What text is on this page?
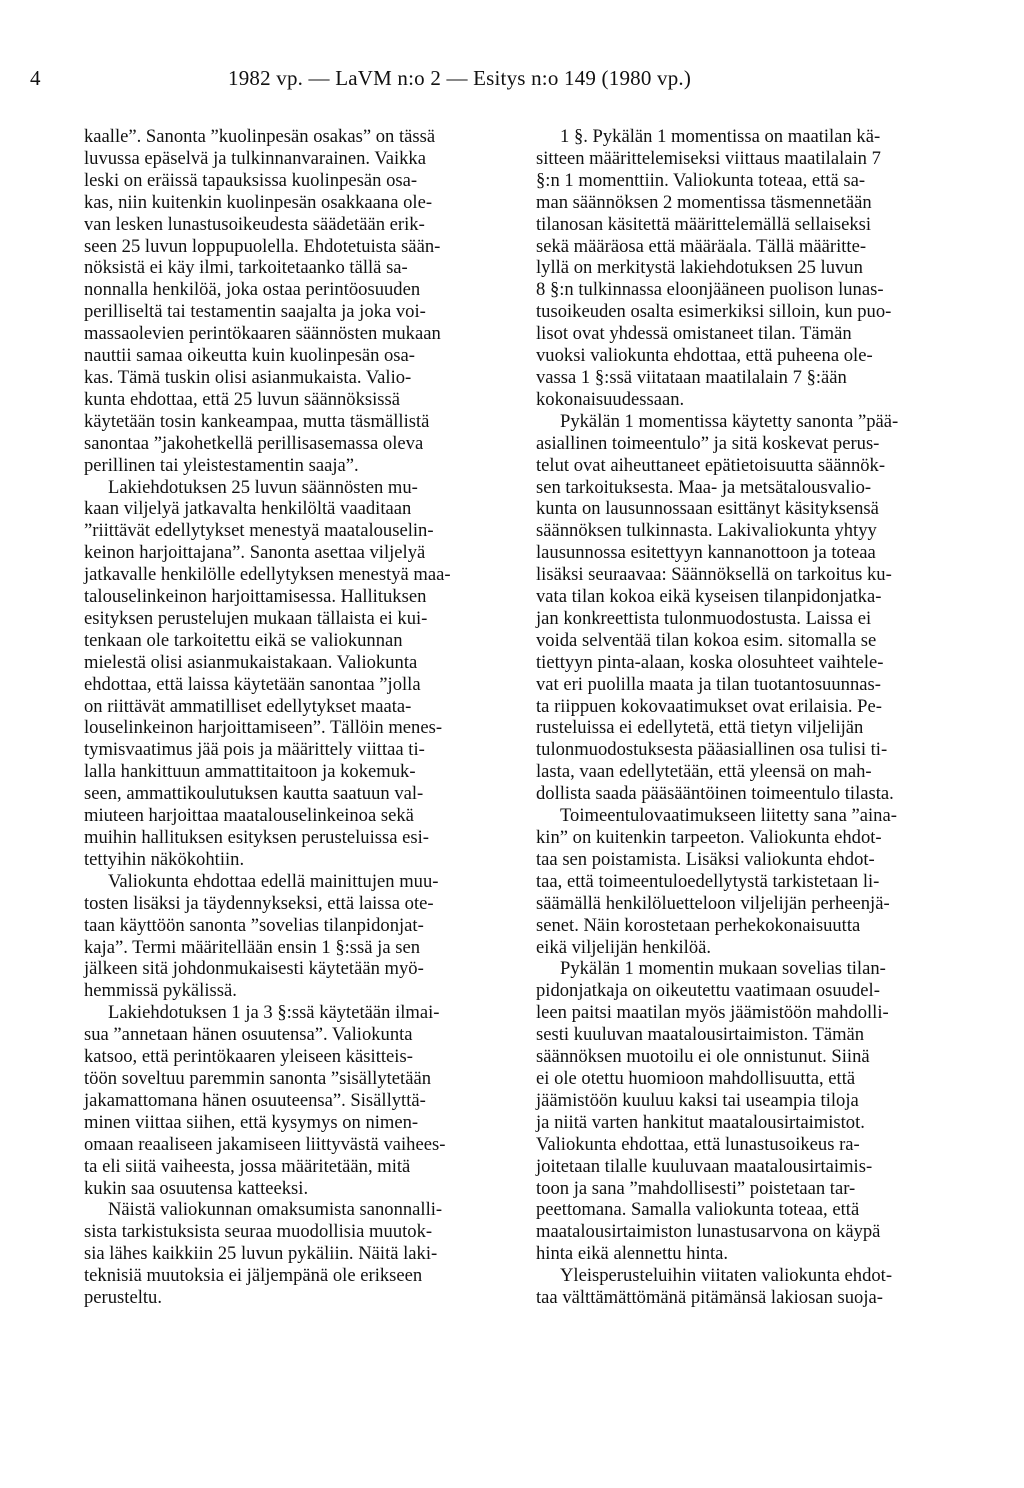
4	1982 vp. — LaVM n:o 2 — Esitys n:o 149 (1980 vp.)

kaalle”. Sanonta ”kuolinpesän osakas” on tässä
luvussa epäselvä ja tulkinnanvarainen. Vaikka
leski on eräissä tapauksissa kuolinpesän osa-
kas, niin kuitenkin kuolinpesän osakkaana ole-
van lesken lunastusoikeudesta säädetään erik-
seen 25 luvun loppupuolella. Ehdotetuista sään-
nöksistä ei käy ilmi, tarkoitetaanko tällä sa-
nonnalla henkilöä, joka ostaa perintöosuuden
perilliseltä tai testamentin saajalta ja joka voi-
massaolevien perintökaaren säännösten mukaan
nauttii samaa oikeutta kuin kuolinpesän osa-
kas. Tämä tuskin olisi asianmukaista. Valio-
kunta ehdottaa, että 25 luvun säännöksissä
käytetään tosin kankeampaa, mutta täsmällistä
sanontaa ”jakohetkellä perillisasemassa oleva
perillinen tai yleistestamentin saaja”.

Lakiehdotuksen 25 luvun säännösten mu-
kaan viljelyä jatkavalta henkilöltä vaaditaan
”riittävät edellytykset menestyä maatalouselin-
keinon harjoittajana”. Sanonta asettaa viljelyä
jatkavalle henkilölle edellytyksen menestyä maa-
talouselinkeinon harjoittamisessa. Hallituksen
esityksen perustelujen mukaan tällaista ei kui-
tenkaan ole tarkoitettu eikä se valiokunnan
mielestä olisi asianmukaistakaan. Valiokunta
ehdottaa, että laissa käytetään sanontaa ”jolla
on riittävät ammatilliset edellytykset maata-
louselinkeinon harjoittamiseen”. Tällöin menes-
tymisvaatimus jää pois ja määrittely viittaa ti-
lalla hankittuun ammattitaitoon ja kokemuk-
seen, ammattikoulutuksen kautta saatuun val-
miuteen harjoittaa maatalouselinkeinoa sekä
muihin hallituksen esityksen perusteluissa esi-
tettyihin näkökohtiin.

Valiokunta ehdottaa edellä mainittujen muu-
tosten lisäksi ja täydennykseksi, että laissa ote-
taan käyttöön sanonta ”sovelias tilanpidonjat-
kaja”. Termi määritellään ensin 1 §:ssä ja sen
jälkeen sitä johdonmukaisesti käytetään myö-
hemmissä pykälissä.

Lakiehdotuksen 1 ja 3 §:ssä käytetään ilmai-
sua ”annetaan hänen osuutensa”. Valiokunta
katsoo, että perintökaaren yleiseen käsitteis-
töön soveltuu paremmin sanonta ”sisällytetään
jakamattomana hänen osuuteensa”. Sisällyttä-
minen viittaa siihen, että kysymys on nimen-
omaan reaaliseen jakamiseen liittyvästä vaihees-
ta eli siitä vaiheesta, jossa määritetään, mitä
kukin saa osuutensa katteeksi.

Näistä valiokunnan omaksumista sanonnalli-
sista tarkistuksista seuraa muodollisia muutok-
sia lähes kaikkiin 25 luvun pykäliin. Näitä laki-
teknisiä muutoksia ei jäljempänä ole erikseen
perusteltu.

1 §. Pykälän 1 momentissa on maatilan kä-
sitteen määrittelemiseksi viittaus maatilalain 7
§:n 1 momenttiin. Valiokunta toteaa, että sa-
man säännöksen 2 momentissa täsmennetään
tilanosan käsitettä määrittelemällä sellaiseksi
sekä määräosa että määräala. Tällä määritte-
lyllä on merkitystä lakiehdotuksen 25 luvun
8 §:n tulkinnassa eloonjääneen puolison lunas-
tusoikeuden osalta esimerkiksi silloin, kun puo-
lisot ovat yhdessä omistaneet tilan. Tämän
vuoksi valiokunta ehdottaa, että puheena ole-
vassa 1 §:ssä viitataan maatilalain 7 §:ään
kokonaisuudessaan.

Pykälän 1 momentissa käytetty sanonta ”pää-
asiallinen toimeentulo” ja sitä koskevat perus-
telut ovat aiheuttaneet epätietoisuutta säännök-
sen tarkoituksesta. Maa- ja metsätalousvalio-
kunta on lausunnossaan esittänyt käsityksensä
säännöksen tulkinnasta. Lakivaliokunta yhtyy
lausunnossa esitettyyn kannanottoon ja toteaa
lisäksi seuraavaa: Säännöksellä on tarkoitus ku-
vata tilan kokoa eikä kyseisen tilanpidonjatka-
jan konkreettista tulonmuodostusta. Laissa ei
voida selventää tilan kokoa esim. sitomalla se
tiettyyn pinta-alaan, koska olosuhteet vaihtele-
vat eri puolilla maata ja tilan tuotantosuunnas-
ta riippuen kokovaatimukset ovat erilaisia. Pe-
rusteluissa ei edellytetä, että tietyn viljelijän
tulonmuodostuksesta pääasiallinen osa tulisi ti-
lasta, vaan edellytetään, että yleensä on mah-
dollista saada pääsääntöinen toimeentulo tilasta.

Toimeentulovaatimukseen liitetty sana ”aina-
kin” on kuitenkin tarpeeton. Valiokunta ehdot-
taa sen poistamista. Lisäksi valiokunta ehdot-
taa, että toimeentuloedellytystä tarkistetaan li-
säämällä henkilöluetteloon viljelijän perheenjä-
senet. Näin korostetaan perhekokonaisuutta
eikä viljelijän henkilöä.

Pykälän 1 momentin mukaan sovelias tilan-
pidonjatkaja on oikeutettu vaatimaan osuudel-
leen paitsi maatilan myös jäämistöön mahdolli-
sesti kuuluvan maatalousirtaimiston. Tämän
säännöksen muotoilu ei ole onnistunut. Siinä
ei ole otettu huomioon mahdollisuutta, että
jäämistöön kuuluu kaksi tai useampia tiloja
ja niitä varten hankitut maatalousirtaimistot.
Valiokunta ehdottaa, että lunastusoikeus ra-
joitetaan tilalle kuuluvaan maatalousirtaimis-
toon ja sana ”mahdollisesti” poistetaan tar-
peettomana. Samalla valiokunta toteaa, että
maatalousirtaimiston lunastusarvona on käypä
hinta eikä alennettu hinta.

Yleisperusteluihin viitaten valiokunta ehdot-
taa välttämättömänä pitämänsä lakiosan suoja-
